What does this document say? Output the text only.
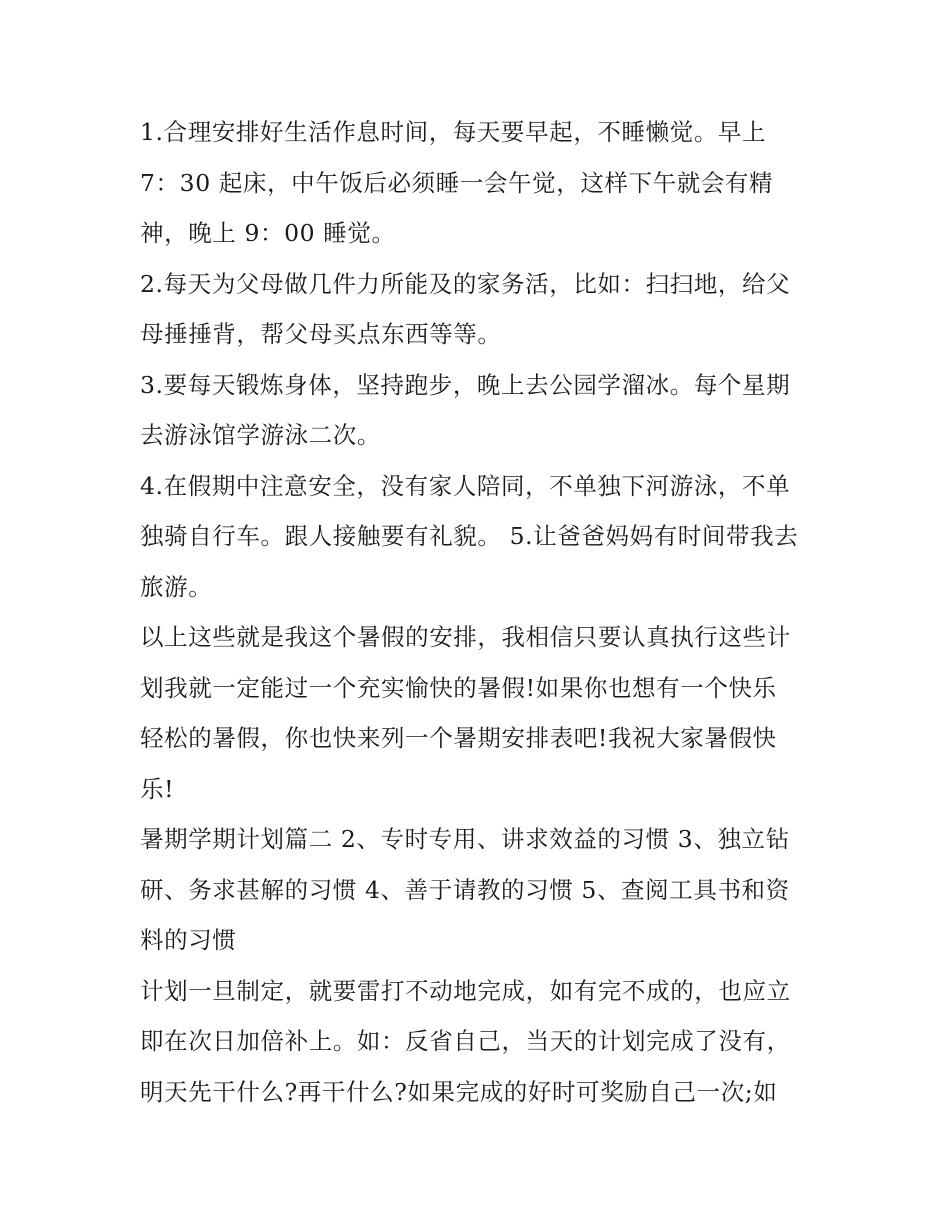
1.合理安排好生活作息时间，每天要早起，不睡懒觉。早上
7：30 起床，中午饭后必须睡一会午觉，这样下午就会有精
神，晚上 9：00 睡觉。
2.每天为父母做几件力所能及的家务活，比如：扫扫地，给父
母捶捶背，帮父母买点东西等等。
3.要每天锻炼身体，坚持跑步，晚上去公园学溜冰。每个星期
去游泳馆学游泳二次。
4.在假期中注意安全，没有家人陪同，不单独下河游泳，不单
独骑自行车。跟人接触要有礼貌。 5.让爸爸妈妈有时间带我去
旅游。
以上这些就是我这个暑假的安排，我相信只要认真执行这些计
划我就一定能过一个充实愉快的暑假!如果你也想有一个快乐
轻松的暑假，你也快来列一个暑期安排表吧!我祝大家暑假快
乐!
暑期学期计划篇二 2、专时专用、讲求效益的习惯 3、独立钻
研、务求甚解的习惯 4、善于请教的习惯 5、查阅工具书和资
料的习惯
计划一旦制定，就要雷打不动地完成，如有完不成的，也应立
即在次日加倍补上。如：反省自己，当天的计划完成了没有，
明天先干什么?再干什么?如果完成的好时可奖励自己一次;如
